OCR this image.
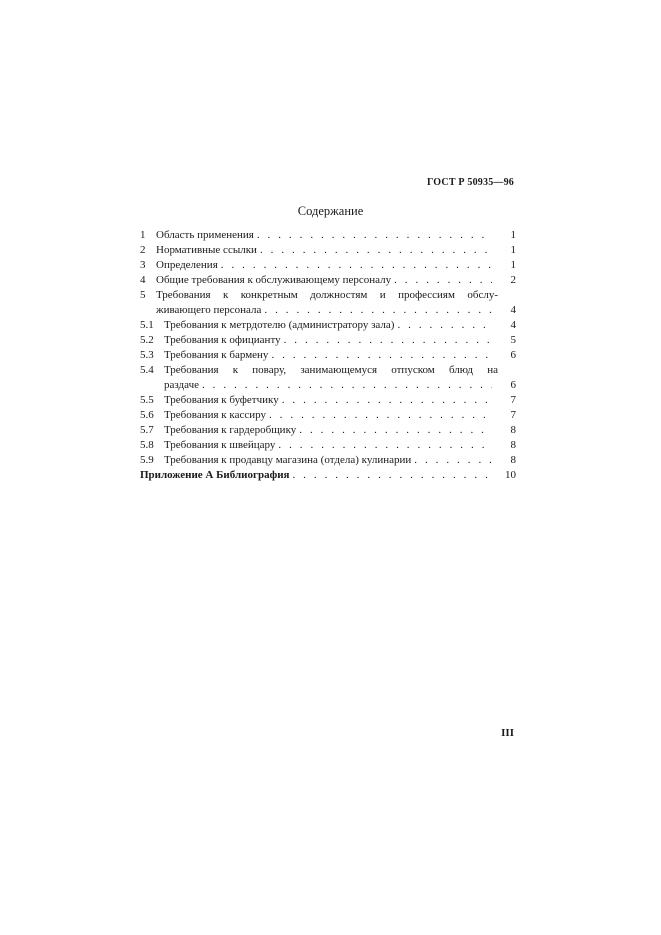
ГОСТ Р 50935—96
Содержание
1 Область применения . . .	1
2 Нормативные ссылки . . .	1
3 Определения . . .	1
4 Общие требования к обслуживающему персоналу . . .	2
5 Требования к конкретным должностям и профессиям обслу-
живающего персонала . . .	4
5.1 Требования к метрдотелю (администратору зала) . . .	4
5.2 Требования к официанту . . .	5
5.3 Требования к бармену . . .	6
5.4 Требования к повару, занимающемуся отпуском блюд на
раздаче . . .	6
5.5 Требования к буфетчику . . .	7
5.6 Требования к кассиру . . .	7
5.7 Требования к гардеробщику . . .	8
5.8 Требования к швейцару . . .	8
5.9 Требования к продавцу магазина (отдела) кулинарии . . .	8
Приложение А Библиография . . .	10
III
